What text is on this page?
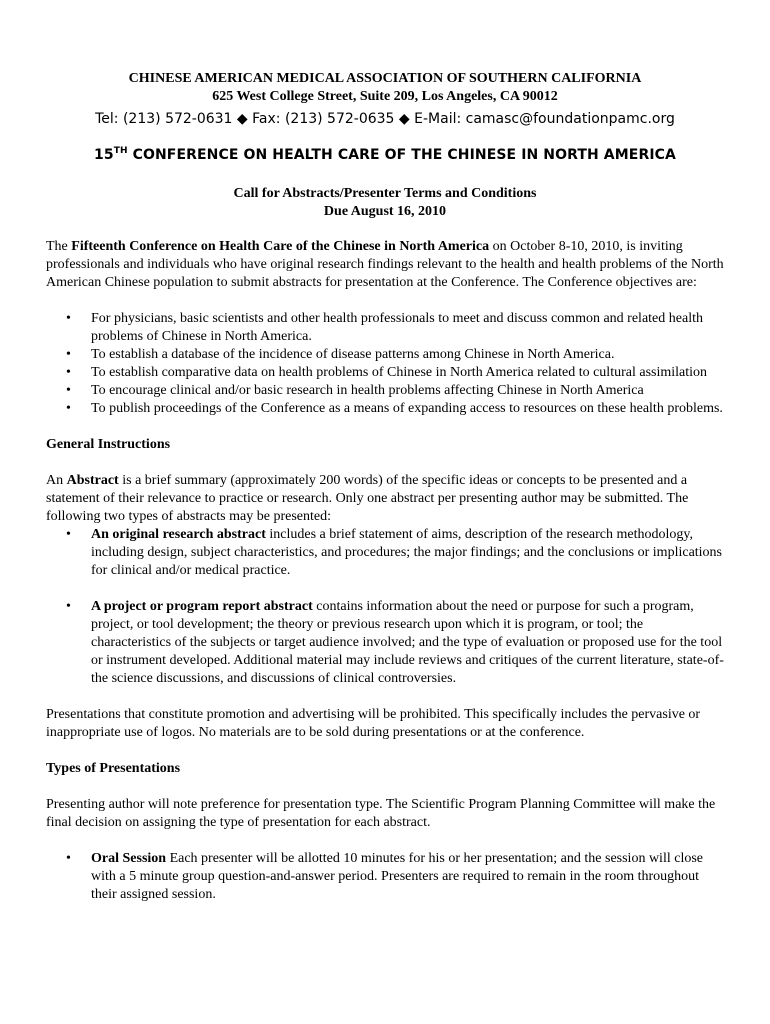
CHINESE AMERICAN MEDICAL ASSOCIATION OF SOUTHERN CALIFORNIA

625 West College Street, Suite 209, Los Angeles, CA 90012

Tel: (213) 572-0631 ◆ Fax: (213) 572-0635 ◆ E-Mail: camasc@foundationpamc.org

15TH CONFERENCE ON HEALTH CARE OF THE CHINESE IN NORTH AMERICA

Call for Abstracts/Presenter Terms and Conditions

Due August 16, 2010

The Fifteenth Conference on Health Care of the Chinese in North America on October 8-10, 2010, is inviting professionals and individuals who have original research findings relevant to the health and health problems of the North American Chinese population to submit abstracts for presentation at the Conference. The Conference objectives are:

• For physicians, basic scientists and other health professionals to meet and discuss common and related health problems of Chinese in North America.
• To establish a database of the incidence of disease patterns among Chinese in North America.
• To establish comparative data on health problems of Chinese in North America related to cultural assimilation
• To encourage clinical and/or basic research in health problems affecting Chinese in North America
• To publish proceedings of the Conference as a means of expanding access to resources on these health problems.

General Instructions

An Abstract is a brief summary (approximately 200 words) of the specific ideas or concepts to be presented and a statement of their relevance to practice or research. Only one abstract per presenting author may be submitted. The following two types of abstracts may be presented:

• An original research abstract includes a brief statement of aims, description of the research methodology, including design, subject characteristics, and procedures; the major findings; and the conclusions or implications for clinical and/or medical practice.
• A project or program report abstract contains information about the need or purpose for such a program, project, or tool development; the theory or previous research upon which it is program, or tool; the characteristics of the subjects or target audience involved; and the type of evaluation or proposed use for the tool or instrument developed. Additional material may include reviews and critiques of the current literature, state-of-the science discussions, and discussions of clinical controversies.

Presentations that constitute promotion and advertising will be prohibited. This specifically includes the pervasive or inappropriate use of logos. No materials are to be sold during presentations or at the conference.

Types of Presentations

Presenting author will note preference for presentation type. The Scientific Program Planning Committee will make the final decision on assigning the type of presentation for each abstract.

• Oral Session Each presenter will be allotted 10 minutes for his or her presentation; and the session will close with a 5 minute group question-and-answer period. Presenters are required to remain in the room throughout their assigned session.
